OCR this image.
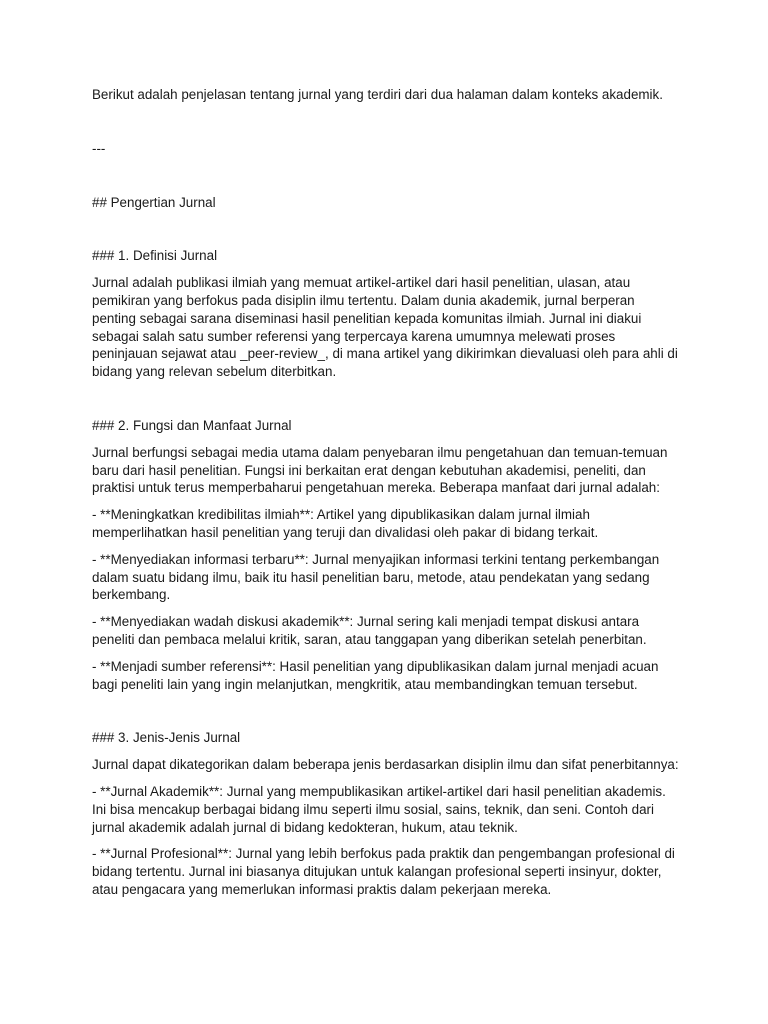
Berikut adalah penjelasan tentang jurnal yang terdiri dari dua halaman dalam konteks akademik.

---

## Pengertian Jurnal

### 1. Definisi Jurnal

Jurnal adalah publikasi ilmiah yang memuat artikel-artikel dari hasil penelitian, ulasan, atau pemikiran yang berfokus pada disiplin ilmu tertentu. Dalam dunia akademik, jurnal berperan penting sebagai sarana diseminasi hasil penelitian kepada komunitas ilmiah. Jurnal ini diakui sebagai salah satu sumber referensi yang terpercaya karena umumnya melewati proses peninjauan sejawat atau _peer-review_, di mana artikel yang dikirimkan dievaluasi oleh para ahli di bidang yang relevan sebelum diterbitkan.

### 2. Fungsi dan Manfaat Jurnal

Jurnal berfungsi sebagai media utama dalam penyebaran ilmu pengetahuan dan temuan-temuan baru dari hasil penelitian. Fungsi ini berkaitan erat dengan kebutuhan akademisi, peneliti, dan praktisi untuk terus memperbaharui pengetahuan mereka. Beberapa manfaat dari jurnal adalah:

- **Meningkatkan kredibilitas ilmiah**: Artikel yang dipublikasikan dalam jurnal ilmiah memperlihatkan hasil penelitian yang teruji dan divalidasi oleh pakar di bidang terkait.

- **Menyediakan informasi terbaru**: Jurnal menyajikan informasi terkini tentang perkembangan dalam suatu bidang ilmu, baik itu hasil penelitian baru, metode, atau pendekatan yang sedang berkembang.

- **Menyediakan wadah diskusi akademik**: Jurnal sering kali menjadi tempat diskusi antara peneliti dan pembaca melalui kritik, saran, atau tanggapan yang diberikan setelah penerbitan.

- **Menjadi sumber referensi**: Hasil penelitian yang dipublikasikan dalam jurnal menjadi acuan bagi peneliti lain yang ingin melanjutkan, mengkritik, atau membandingkan temuan tersebut.

### 3. Jenis-Jenis Jurnal

Jurnal dapat dikategorikan dalam beberapa jenis berdasarkan disiplin ilmu dan sifat penerbitannya:

- **Jurnal Akademik**: Jurnal yang mempublikasikan artikel-artikel dari hasil penelitian akademis. Ini bisa mencakup berbagai bidang ilmu seperti ilmu sosial, sains, teknik, dan seni. Contoh dari jurnal akademik adalah jurnal di bidang kedokteran, hukum, atau teknik.

- **Jurnal Profesional**: Jurnal yang lebih berfokus pada praktik dan pengembangan profesional di bidang tertentu. Jurnal ini biasanya ditujukan untuk kalangan profesional seperti insinyur, dokter, atau pengacara yang memerlukan informasi praktis dalam pekerjaan mereka.
